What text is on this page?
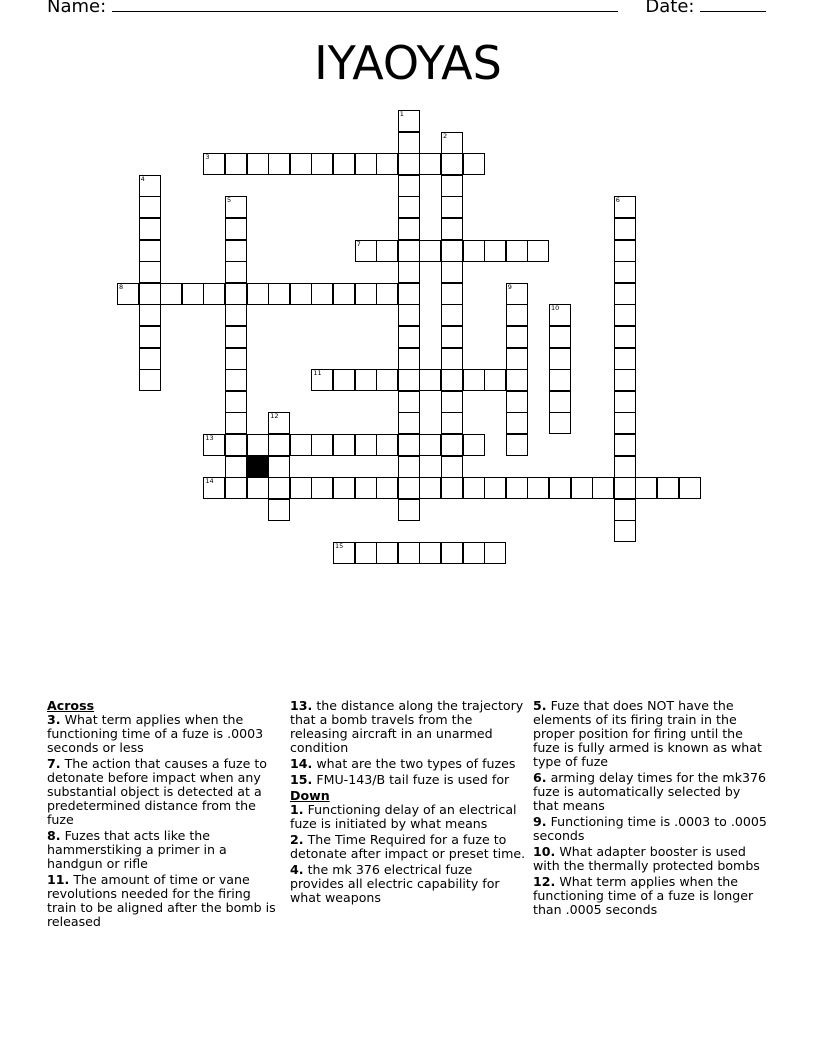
Name:	Date:
IYAOYAS
1
2
3
4
5	6
7
8	9
10
11
12
13
14
15

Across

3. What term applies when the functioning time of a fuze is .0003 seconds or less

7. The action that causes a fuze to detonate before impact when any substantial object is detected at a predetermined distance from the fuze

8. Fuzes that acts like the hammerstiking a primer in a handgun or rifle

11. The amount of time or vane revolutions needed for the firing train to be aligned after the bomb is released

13. the distance along the trajectory that a bomb travels from the releasing aircraft in an unarmed condition

14. what are the two types of fuzes

15. FMU-143/B tail fuze is used for

Down

1. Functioning delay of an electrical fuze is initiated by what means

2. The Time Required for a fuze to detonate after impact or preset time.

4. the mk 376 electrical fuze provides all electric capability for what weapons

5. Fuze that does NOT have the elements of its firing train in the proper position for firing until the fuze is fully armed is known as what type of fuze

6. arming delay times for the mk376 fuze is automatically selected by that means

9. Functioning time is .0003 to .0005 seconds

10. What adapter booster is used with the thermally protected bombs

12. What term applies when the functioning time of a fuze is longer than .0005 seconds
